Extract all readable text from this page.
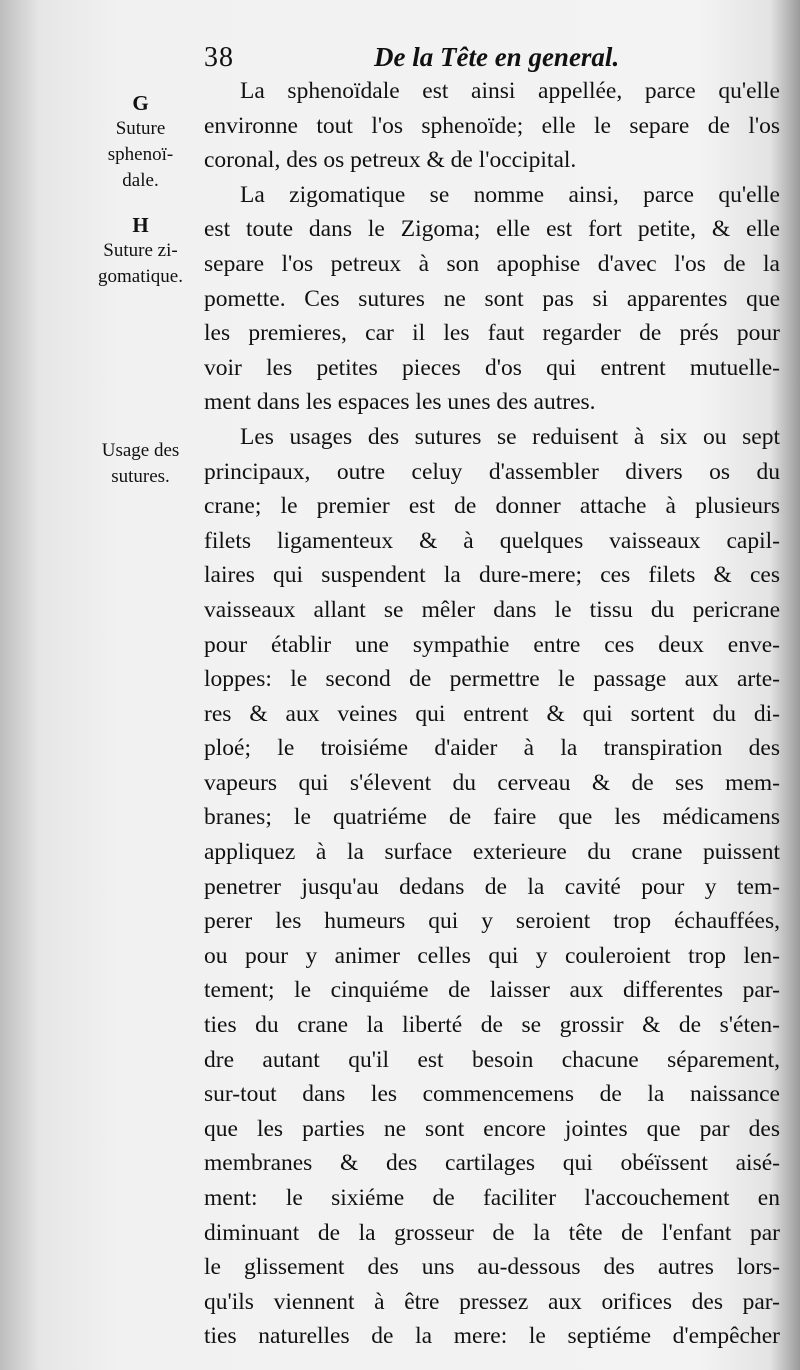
38	De la Tête en general.
G
Suture
sphenoï-
dale.
H
Suture zi-
gomatique.
Usage des
sutures.
La sphenoïdale est ainsi appellée, parce qu'elle
environne tout l'os sphenoïde; elle le separe de l'os
coronal, des os petreux & de l'occipital.
La zigomatique se nomme ainsi, parce qu'elle
est toute dans le Zigoma; elle est fort petite, & elle
separe l'os petreux à son apophise d'avec l'os de la
pomette. Ces sutures ne sont pas si apparentes que
les premieres, car il les faut regarder de prés pour
voir les petites pieces d'os qui entrent mutuelle-
ment dans les espaces les unes des autres.
Les usages des sutures se reduisent à six ou sept
principaux, outre celuy d'assembler divers os du
crane; le premier est de donner attache à plusieurs
filets ligamenteux & à quelques vaisseaux capil-
laires qui suspendent la dure-mere; ces filets & ces
vaisseaux allant se mêler dans le tissu du pericrane
pour établir une sympathie entre ces deux enve-
loppes: le second de permettre le passage aux arte-
res & aux veines qui entrent & qui sortent du di-
ploé; le troisiéme d'aider à la transpiration des
vapeurs qui s'élevent du cerveau & de ses mem-
branes; le quatriéme de faire que les médicamens
appliquez à la surface exterieure du crane puissent
penetrer jusqu'au dedans de la cavité pour y tem-
perer les humeurs qui y seroient trop échauffées,
ou pour y animer celles qui y couleroient trop len-
tement; le cinquiéme de laisser aux differentes par-
ties du crane la liberté de se grossir & de s'éten-
dre autant qu'il est besoin chacune séparement,
sur-tout dans les commencemens de la naissance
que les parties ne sont encore jointes que par des
membranes & des cartilages qui obéïssent aisé-
ment: le sixiéme de faciliter l'accouchement en
diminuant de la grosseur de la tête de l'enfant par
le glissement des uns au-dessous des autres lors-
qu'ils viennent à être pressez aux orifices des par-
ties naturelles de la mere: le septiéme d'empêcher
